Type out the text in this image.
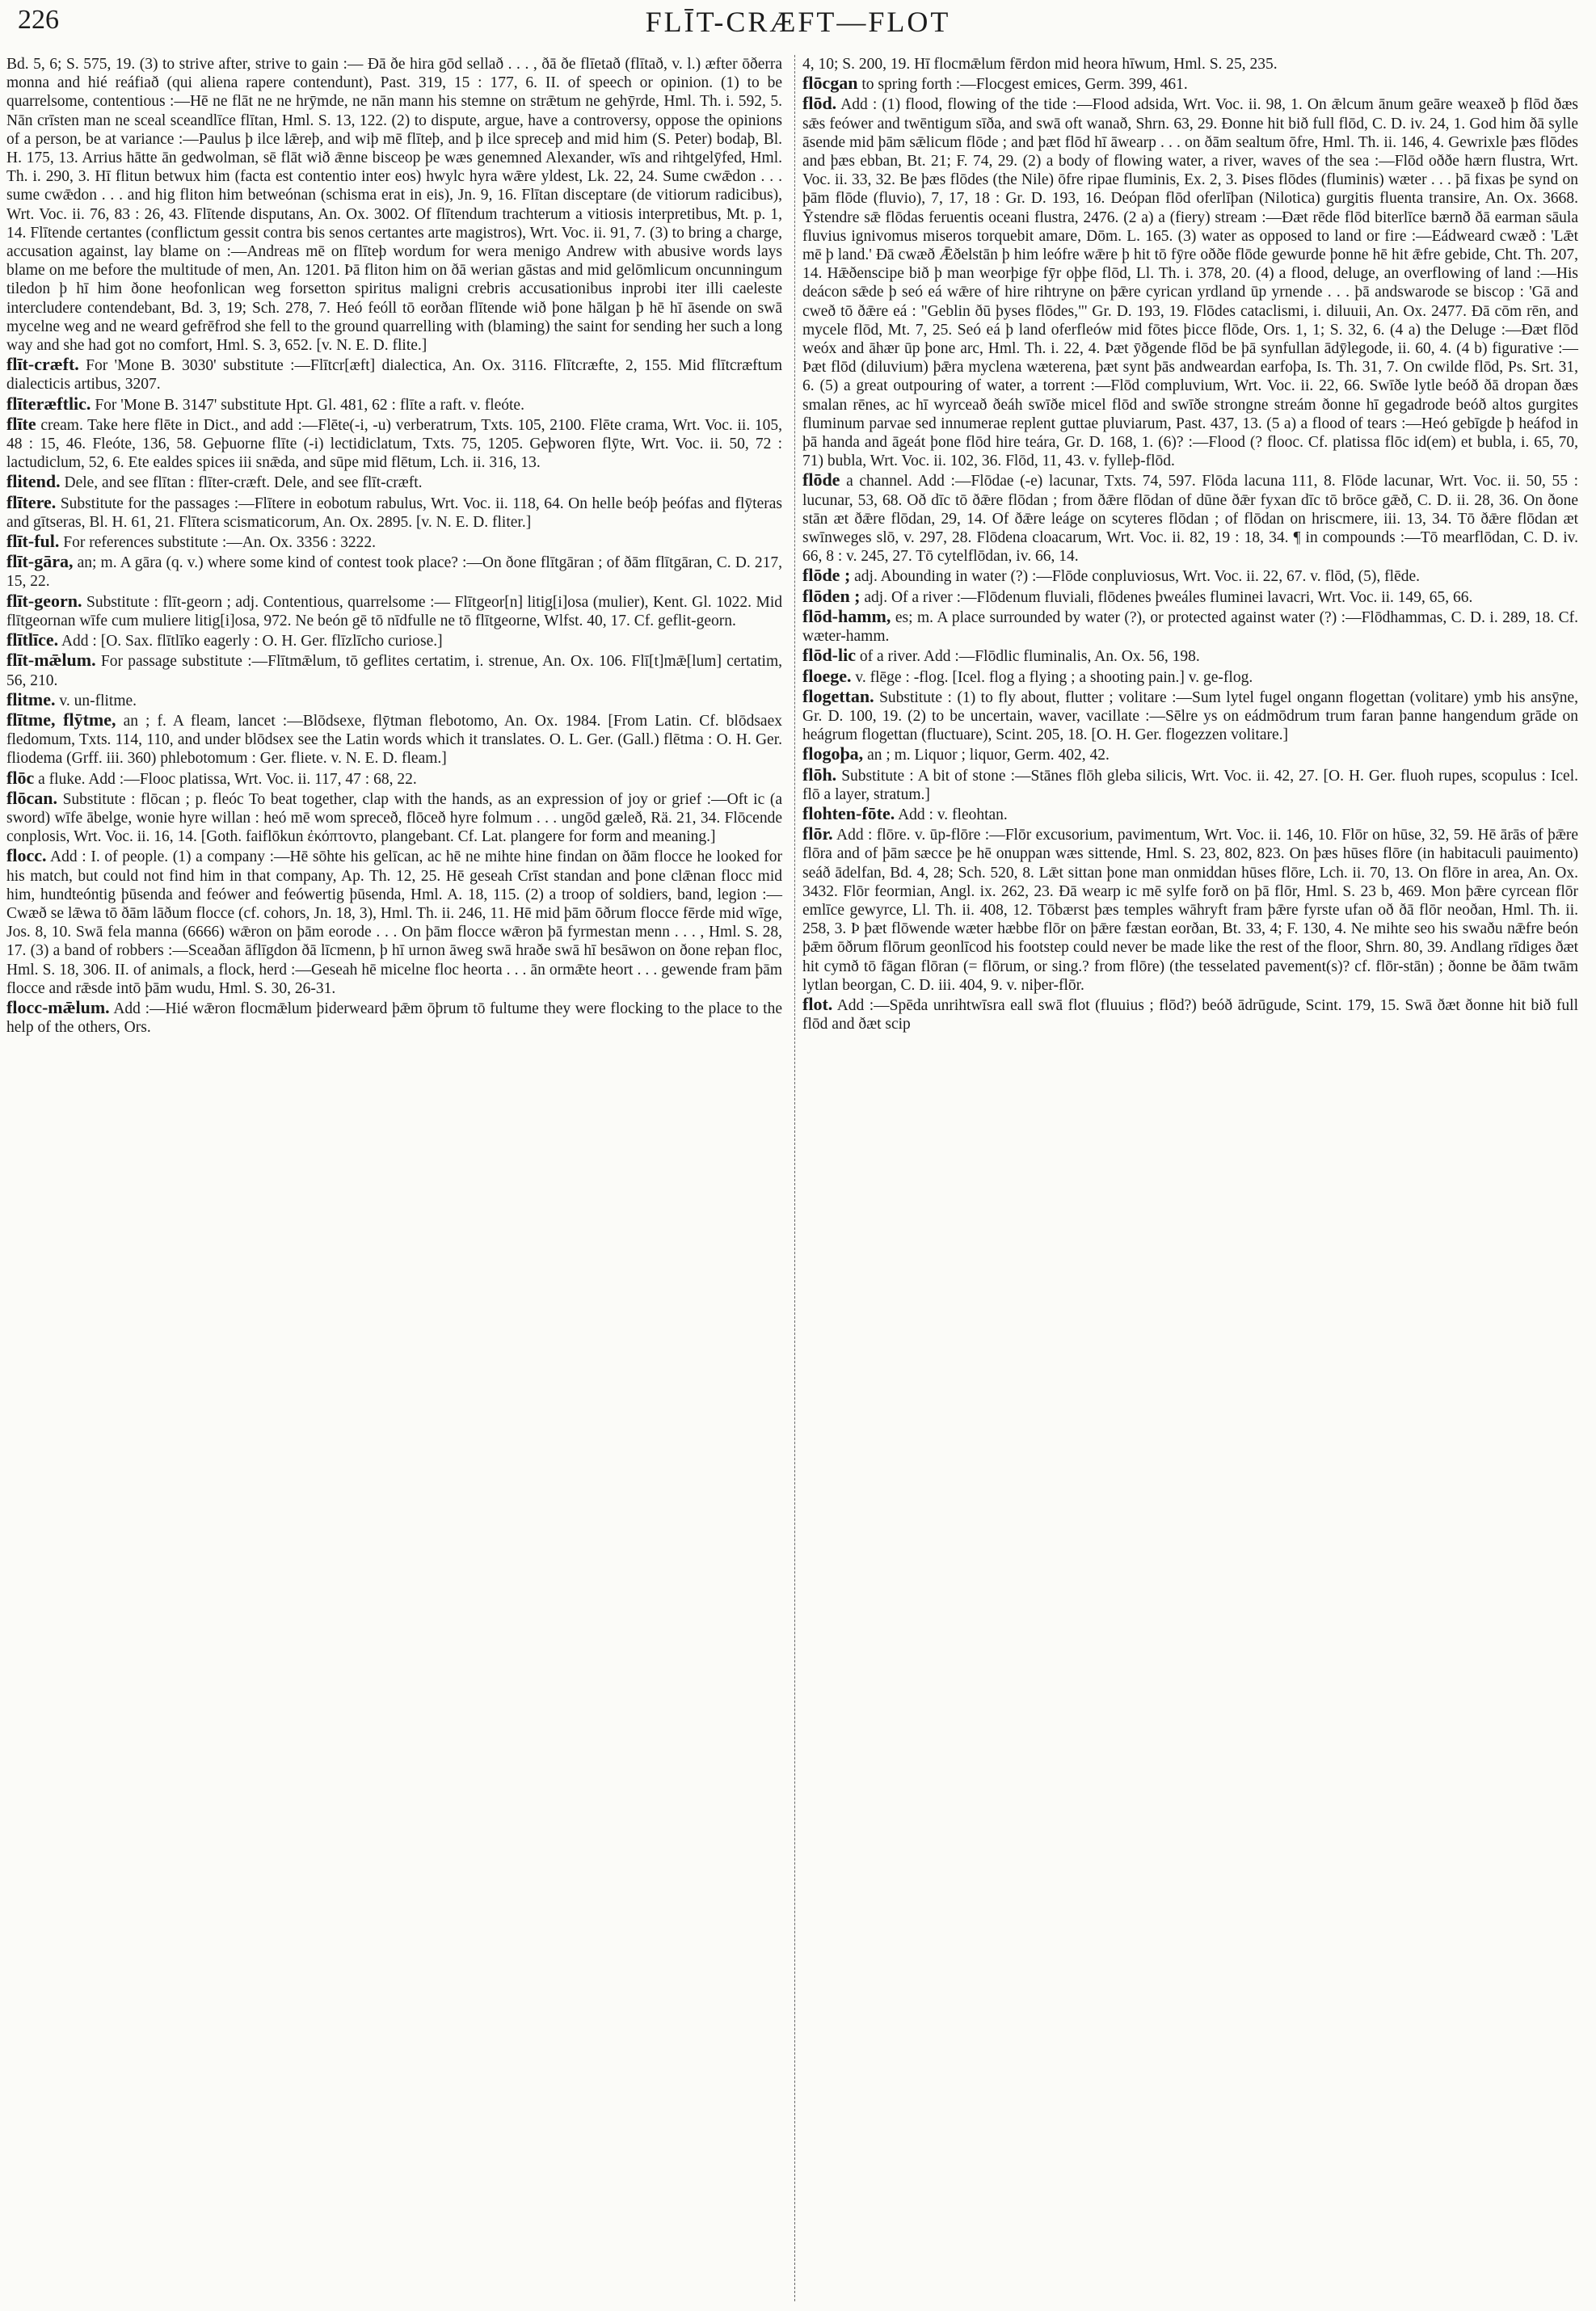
226	FLĪT-CRÆFT—FLOT

Bd. 5, 6; S. 575, 19. (3) to strive after, strive to gain :— Ðā ðe hira gōd sellað . . . , ðā ðe flīetað (flītað, v. l.) æfter ōðerra monna and hié reáfiað (qui aliena rapere contendunt), Past. 319, 15 : 177, 6. II. of speech or opinion. (1) to be quarrelsome, contentious :—Hē ne flāt ne ne hrȳmde, ne nān mann his stemne on strǣtum ne gehȳrde, Hml. Th. i. 592, 5. Nān crīsten man ne sceal sceandlīce flītan, Hml. S. 13, 122. (2) to dispute, argue, have a controversy, oppose the opinions of a person, be at variance :—Paulus þ ilce lǣreþ, and wiþ mē flīteþ, and þ ilce spreceþ and mid him (S. Peter) bodaþ, Bl. H. 175, 13. Arrius hātte ān gedwolman, sē flāt wið ǣnne bisceop þe wæs genemned Alexander, wīs and rihtgelȳfed, Hml. Th. i. 290, 3. Hī flitun betwux him (facta est contentio inter eos) hwylc hyra wǣre yldest, Lk. 22, 24. Sume cwǣdon . . . sume cwǣdon . . . and hig fliton him betweónan (schisma erat in eis), Jn. 9, 16. Flītan disceptare (de vitiorum radicibus), Wrt. Voc. ii. 76, 83 : 26, 43. Flītende disputans, An. Ox. 3002. Of flītendum trachterum a vitiosis interpretibus, Mt. p. 1, 14. Flītende certantes (conflictum gessit contra bis senos certantes arte magistros), Wrt. Voc. ii. 91, 7. (3) to bring a charge, accusation against, lay blame on :—Andreas mē on flīteþ wordum for wera menigo Andrew with abusive words lays blame on me before the multitude of men, An. 1201. Þā fliton him on ðā werian gāstas and mid gelōmlicum oncunningum tiledon þ hī him ðone heofonlican weg forsetton spiritus maligni crebris accusationibus inprobi iter illi caeleste intercludere contendebant, Bd. 3, 19; Sch. 278, 7. Heó feóll tō eorðan flītende wið þone hālgan þ hē hī āsende on swā mycelne weg and ne weard gefrēfrod she fell to the ground quarrelling with (blaming) the saint for sending her such a long way and she had got no comfort, Hml. S. 3, 652. [v. N. E. D. flite.]

flīt-cræft. For 'Mone B. 3030' substitute :—Flītcr[æft] dialectica, An. Ox. 3116. Flītcræfte, 2, 155. Mid flītcræftum dialecticis artibus, 3207.

flīteræftlic. For 'Mone B. 3147' substitute Hpt. Gl. 481, 62 : flīte a raft. v. fleóte.

flīte cream. Take here flēte in Dict., and add :—Flēte(-i, -u) verberatrum, Txts. 105, 2100. Flēte crama, Wrt. Voc. ii. 105, 48 : 15, 46. Fleóte, 136, 58. Geþuorne flīte (-i) lectidiclatum, Txts. 75, 1205. Geþworen flȳte, Wrt. Voc. ii. 50, 72 : lactudiclum, 52, 6. Ete ealdes spices iii snǣda, and sūpe mid flētum, Lch. ii. 316, 13.

flitend. Dele, and see flītan : flīter-cræft. Dele, and see flīt-cræft.

flītere. Substitute for the passages :—Flītere in eobotum rabulus, Wrt. Voc. ii. 118, 64. On helle beóþ þeófas and flȳteras and gītseras, Bl. H. 61, 21. Flītera scismaticorum, An. Ox. 2895. [v. N. E. D. fliter.]

flīt-ful. For references substitute :—An. Ox. 3356 : 3222.

flīt-gāra, an; m. A gāra (q. v.) where some kind of contest took place? :—On ðone flītgāran ; of ðām flītgāran, C. D. 217, 15, 22.

flīt-georn. Substitute : flīt-georn ; adj. Contentious, quarrelsome :— Flītgeor[n] litig[i]osa (mulier), Kent. Gl. 1022. Mid flītgeornan wīfe cum muliere litig[i]osa, 972. Ne beón gē tō nīdfulle ne tō flītgeorne, Wlfst. 40, 17. Cf. geflit-georn.

flītlīce. Add : [O. Sax. flītlīko eagerly : O. H. Ger. flīzlīcho curiose.]

flīt-mǣlum. For passage substitute :—Flītmǣlum, tō geflites certatim, i. strenue, An. Ox. 106. Flī[t]mǣ[lum] certatim, 56, 210.

flitme. v. un-flitme.

flītme, flȳtme, an ; f. A fleam, lancet :—Blōdsexe, flȳtman flebotomo, An. Ox. 1984. [From Latin. Cf. blōdsaex fledomum, Txts. 114, 110, and under blōdsex see the Latin words which it translates. O. L. Ger. (Gall.) flētma : O. H. Ger. fliodema (Grff. iii. 360) phlebotomum : Ger. fliete. v. N. E. D. fleam.]

flōc a fluke. Add :—Flooc platissa, Wrt. Voc. ii. 117, 47 : 68, 22.

flōcan. Substitute : flōcan ; p. fleóc To beat together, clap with the hands, as an expression of joy or grief :—Oft ic (a sword) wīfe ābelge, wonie hyre willan : heó mē wom spreceð, flōceð hyre folmum . . . ungōd gæleð, Rä. 21, 34. Flōcende conplosis, Wrt. Voc. ii. 16, 14. [Goth. faiflōkun ἐκόπτοντο, plangebant. Cf. Lat. plangere for form and meaning.]

flocc. Add : I. of people. (1) a company :—Hē sōhte his gelīcan, ac hē ne mihte hine findan on ðām flocce he looked for his match, but could not find him in that company, Ap. Th. 12, 25. Hē geseah Crīst standan and þone clǣnan flocc mid him, hundteóntig þūsenda and feówer and feówertig þūsenda, Hml. A. 18, 115. (2) a troop of soldiers, band, legion :—Cwæð se lǣwa tō ðām lāðum flocce (cf. cohors, Jn. 18, 3), Hml. Th. ii. 246, 11. Hē mid þām ōðrum flocce fērde mid wīge, Jos. 8, 10. Swā fela manna (6666) wǣron on þām eorode . . . On þām flocce wǣron þā fyrmestan menn . . . , Hml. S. 28, 17. (3) a band of robbers :—Sceaðan āflīgdon ðā līcmenn, þ hī urnon āweg swā hraðe swā hī besāwon on ðone reþan floc, Hml. S. 18, 306. II. of animals, a flock, herd :—Geseah hē micelne floc heorta . . . ān ormǣte heort . . . gewende fram þām flocce and rǣsde intō þām wudu, Hml. S. 30, 26-31.

flocc-mǣlum. Add :—Hié wǣron flocmǣlum þiderweard þǣm ōþrum tō fultume they were flocking to the place to the help of the others, Ors.

4, 10; S. 200, 19. Hī flocmǣlum fērdon mid heora hīwum, Hml. S. 25, 235.

flōcgan to spring forth :—Flocgest emices, Germ. 399, 461.

flōd. Add : (1) flood, flowing of the tide :—Flood adsida, Wrt. Voc. ii. 98, 1. On ǣlcum ānum geāre weaxeð þ flōd ðæs sǣs feówer and twēntigum sīða, and swā oft wanað, Shrn. 63, 29. Ðonne hit bið full flōd, C. D. iv. 24, 1. God him ðā sylle āsende mid þām sǣlicum flōde ; and þæt flōd hī āwearp . . . on ðām sealtum ōfre, Hml. Th. ii. 146, 4. Gewrixle þæs flōdes and þæs ebban, Bt. 21; F. 74, 29. (2) a body of flowing water, a river, waves of the sea :—Flōd oððe hærn flustra, Wrt. Voc. ii. 33, 32. Be þæs flōdes (the Nile) ōfre ripae fluminis, Ex. 2, 3. Þises flōdes (fluminis) wæter . . . þā fixas þe synd on þām flōde (fluvio), 7, 17, 18 : Gr. D. 193, 16. Deópan flōd oferlīþan (Nilotica) gurgitis fluenta transire, An. Ox. 3668. Ȳstendre sǣ flōdas feruentis oceani flustra, 2476. (2 a) a (fiery) stream :—Ðæt rēde flōd biterlīce bærnð ðā earman sāula fluvius ignivomus miseros torquebit amare, Dōm. L. 165. (3) water as opposed to land or fire :—Eádweard cwæð : 'Lǣt mē þ land.' Ðā cwæð Ǣðelstān þ him leófre wǣre þ hit tō fȳre oððe flōde gewurde þonne hē hit ǣfre gebide, Cht. Th. 207, 14. Hǣðenscipe bið þ man weorþige fȳr oþþe flōd, Ll. Th. i. 378, 20. (4) a flood, deluge, an overflowing of land :—His deácon sǣde þ seó eá wǣre of hire rihtryne on þǣre cyrican yrdland ūp yrnende . . . þā andswarode se biscop : 'Gā and cweð tō ðǣre eá : "Geblin ðū þyses flōdes,"' Gr. D. 193, 19. Flōdes cataclismi, i. diluuii, An. Ox. 2477. Ðā cōm rēn, and mycele flōd, Mt. 7, 25. Seó eá þ land oferfleów mid fōtes þicce flōde, Ors. 1, 1; S. 32, 6. (4 a) the Deluge :—Ðæt flōd weóx and āhær ūp þone arc, Hml. Th. i. 22, 4. Þæt ȳðgende flōd be þā synfullan ādȳlegode, ii. 60, 4. (4 b) figurative :—Þæt flōd (diluvium) þǣra myclena wæterena, þæt synt þās andweardan earfoþa, Is. Th. 31, 7. On cwilde flōd, Ps. Srt. 31, 6. (5) a great outpouring of water, a torrent :—Flōd compluvium, Wrt. Voc. ii. 22, 66. Swīðe lytle beóð ðā dropan ðæs smalan rēnes, ac hī wyrceað ðeáh swīðe micel flōd and swīðe strongne streám ðonne hī gegadrode beóð altos gurgites fluminum parvae sed innumerae replent guttae pluviarum, Past. 437, 13. (5 a) a flood of tears :—Heó gebīgde þ heáfod in þā handa and āgeát þone flōd hire teára, Gr. D. 168, 1. (6)? :—Flood (? flooc. Cf. platissa flōc id(em) et bubla, i. 65, 70, 71) bubla, Wrt. Voc. ii. 102, 36. Flōd, 11, 43. v. fylleþ-flōd.

flōde a channel. Add :—Flōdae (-e) lacunar, Txts. 74, 597. Flōda lacuna 111, 8. Flōde lacunar, Wrt. Voc. ii. 50, 55 : lucunar, 53, 68. Oð dīc tō ðǣre flōdan ; from ðǣre flōdan of dūne ðǣr fyxan dīc tō brōce gǣð, C. D. ii. 28, 36. On ðone stān æt ðǣre flōdan, 29, 14. Of ðǣre leáge on scyteres flōdan ; of flōdan on hriscmere, iii. 13, 34. Tō ðǣre flōdan æt swīnweges slō, v. 297, 28. Flōdena cloacarum, Wrt. Voc. ii. 82, 19 : 18, 34. ¶ in compounds :—Tō mearflōdan, C. D. iv. 66, 8 : v. 245, 27. Tō cytelflōdan, iv. 66, 14.

flōde ; adj. Abounding in water (?) :—Flōde conpluviosus, Wrt. Voc. ii. 22, 67. v. flōd, (5), flēde.

flōden ; adj. Of a river :—Flōdenum fluviali, flōdenes þweáles fluminei lavacri, Wrt. Voc. ii. 149, 65, 66.

flōd-hamm, es; m. A place surrounded by water (?), or protected against water (?) :—Flōdhammas, C. D. i. 289, 18. Cf. wæter-hamm.

flōd-lic of a river. Add :—Flōdlic fluminalis, An. Ox. 56, 198.

floege. v. flēge : -flog. [Icel. flog a flying ; a shooting pain.] v. ge-flog.

flogettan. Substitute : (1) to fly about, flutter ; volitare :—Sum lytel fugel ongann flogettan (volitare) ymb his ansȳne, Gr. D. 100, 19. (2) to be uncertain, waver, vacillate :—Sēlre ys on eádmōdrum trum faran þanne hangendum grāde on heágrum flogettan (fluctuare), Scint. 205, 18. [O. H. Ger. flogezzen volitare.]

flogoþa, an ; m. Liquor ; liquor, Germ. 402, 42.

flōh. Substitute : A bit of stone :—Stānes flōh gleba silicis, Wrt. Voc. ii. 42, 27. [O. H. Ger. fluoh rupes, scopulus : Icel. flō a layer, stratum.]

flohten-fōte. Add : v. fleohtan.

flōr. Add : flōre. v. ūp-flōre :—Flōr excusorium, pavimentum, Wrt. Voc. ii. 146, 10. Flōr on hūse, 32, 59. Hē ārās of þǣre flōra and of þām sæcce þe hē onuppan wæs sittende, Hml. S. 23, 802, 823. On þæs hūses flōre (in habitaculi pauimento) seáð ādelfan, Bd. 4, 28; Sch. 520, 8. Lǣt sittan þone man onmiddan hūses flōre, Lch. ii. 70, 13. On flōre in area, An. Ox. 3432. Flōr feormian, Angl. ix. 262, 23. Ðā wearp ic mē sylfe forð on þā flōr, Hml. S. 23 b, 469. Mon þǣre cyrcean flōr emlīce gewyrce, Ll. Th. ii. 408, 12. Tōbærst þæs temples wāhryft fram þǣre fyrste ufan oð ðā flōr neoðan, Hml. Th. ii. 258, 3. Þ þæt flōwende wæter hæbbe flōr on þǣre fæstan eorðan, Bt. 33, 4; F. 130, 4. Ne mihte seo his swaðu nǣfre beón þǣm ōðrum flōrum geonlīcod his footstep could never be made like the rest of the floor, Shrn. 80, 39. Andlang rīdiges ðæt hit cymð tō fāgan flōran (= flōrum, or sing.? from flōre) (the tesselated pavement(s)? cf. flōr-stān) ; ðonne be ðām twām lytlan beorgan, C. D. iii. 404, 9. v. niþer-flōr.

flot. Add :—Spēda unrihtwīsra eall swā flot (fluuius ; flōd?) beóð ādrūgude, Scint. 179, 15. Swā ðæt ðonne hit bið full flōd and ðæt scip
